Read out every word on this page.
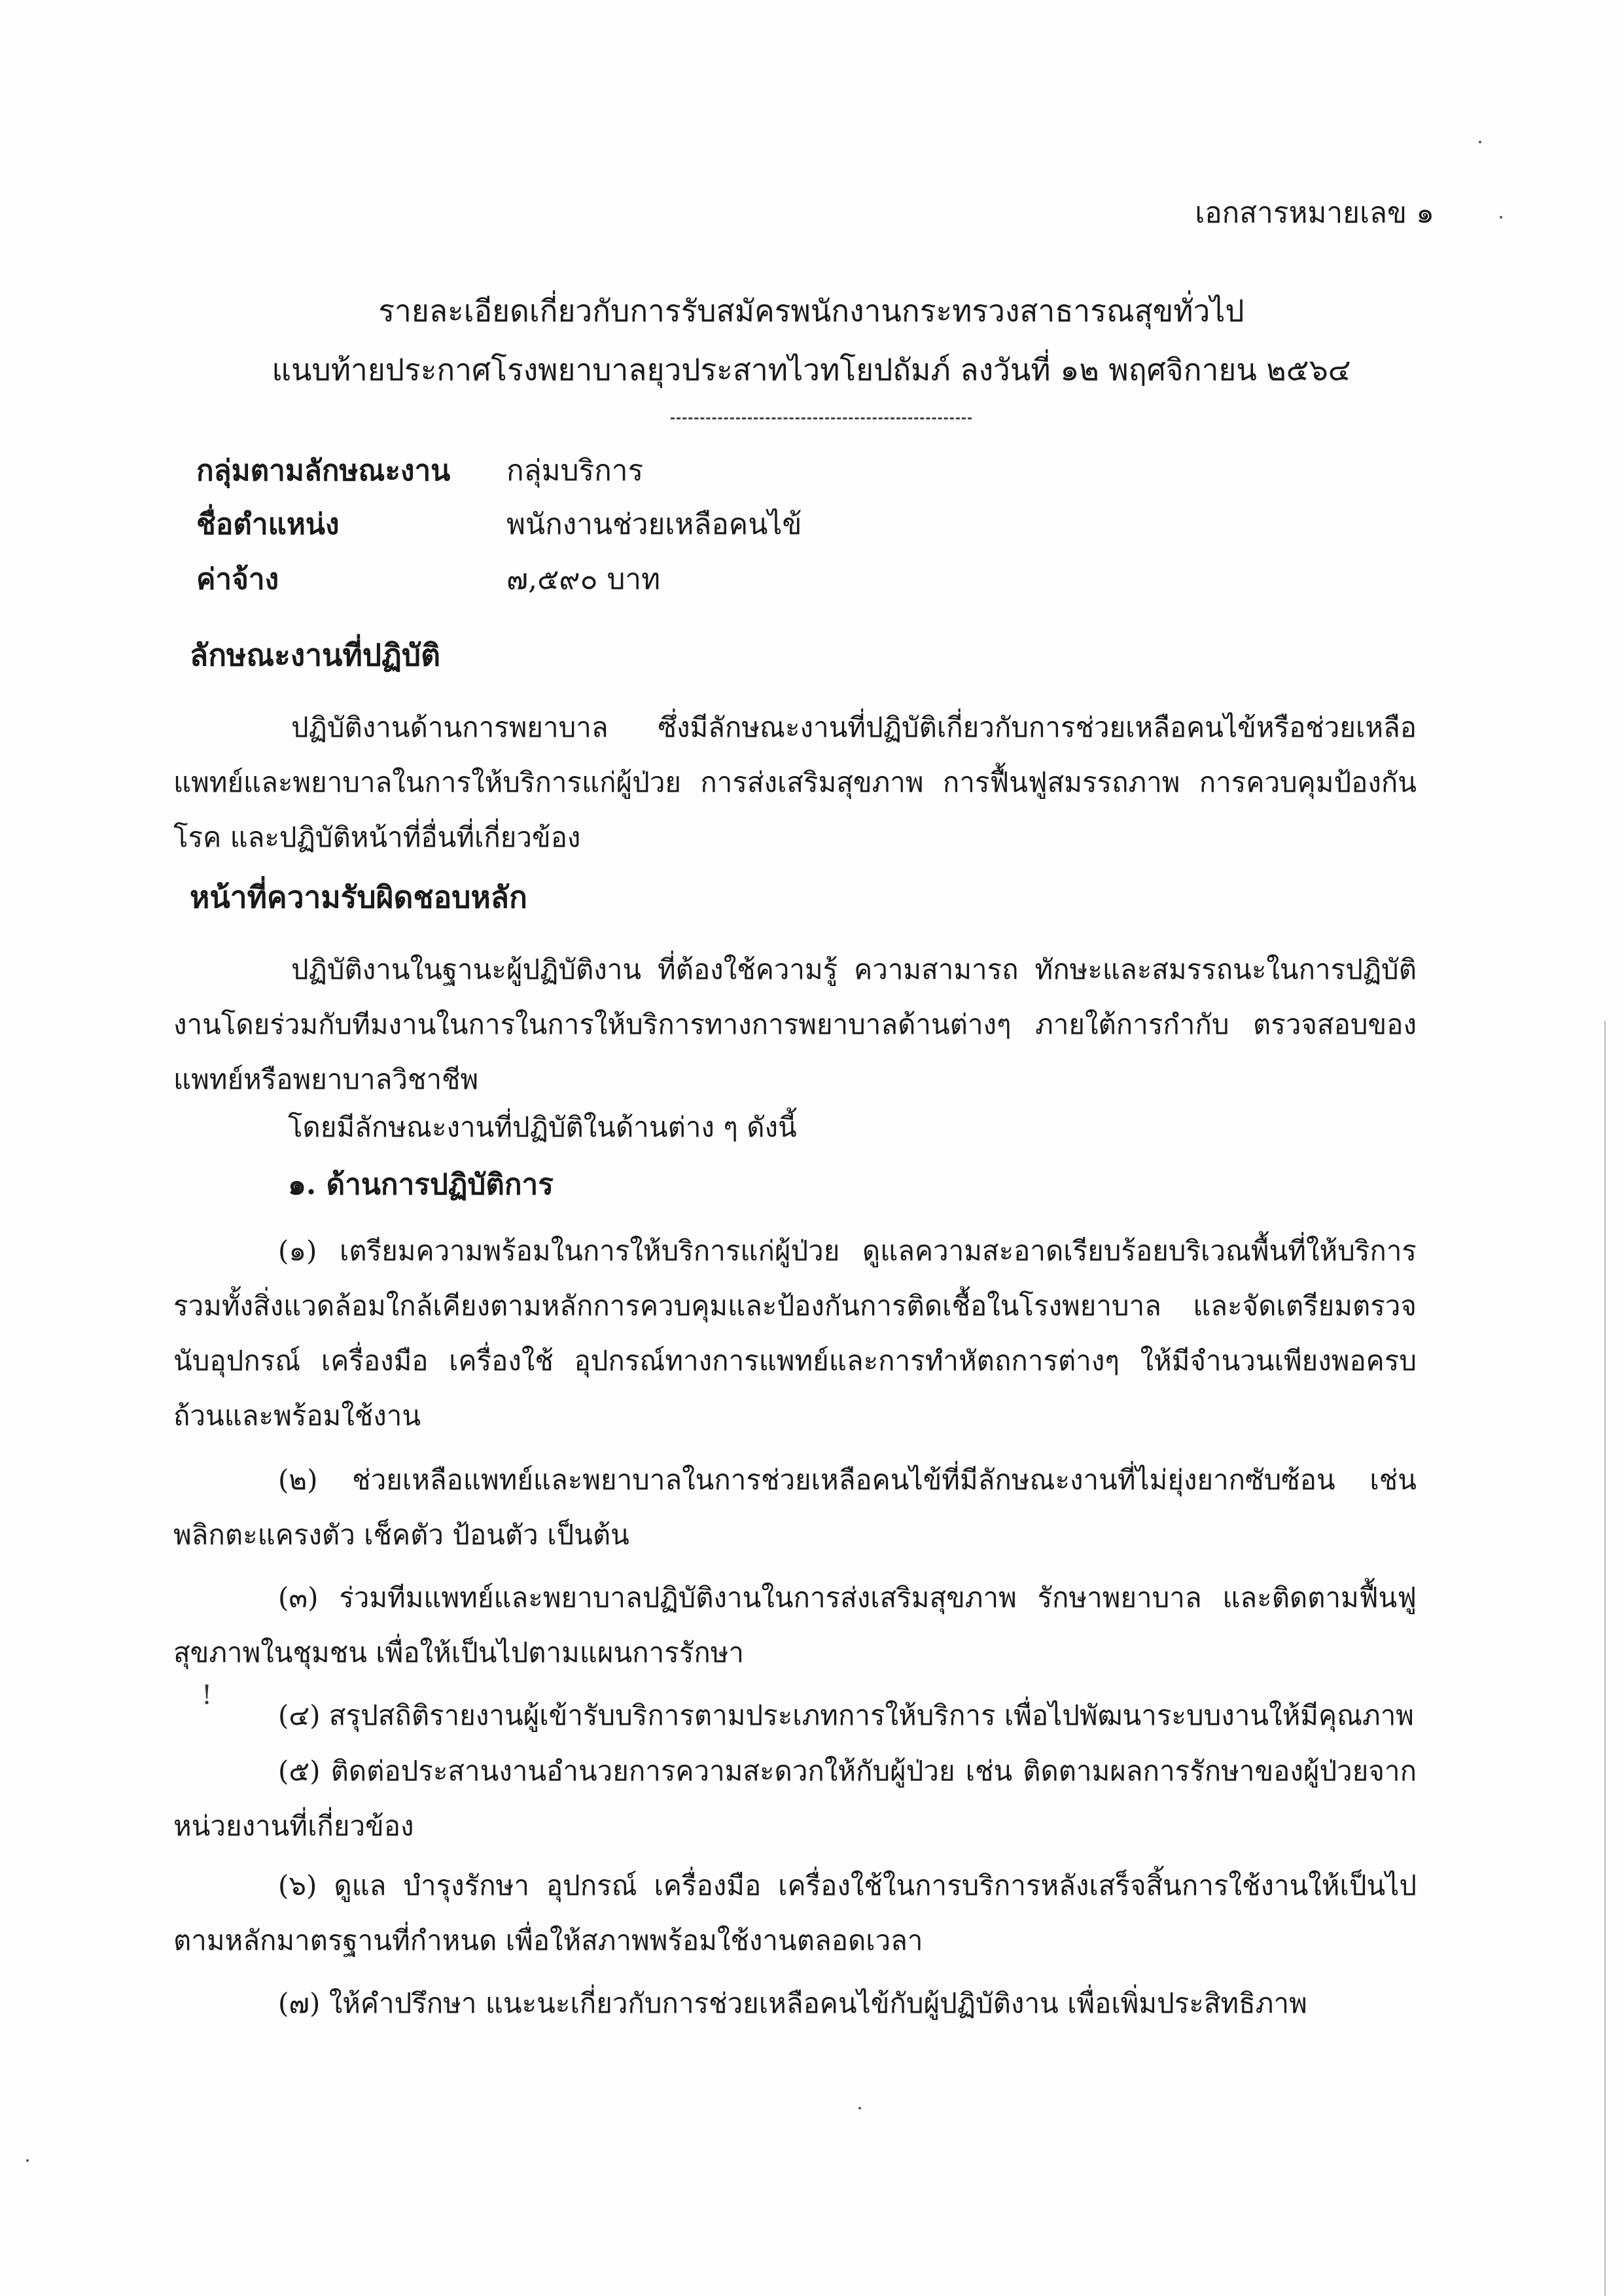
เอกสารหมายเลข ๑
รายละเอียดเกี่ยวกับการรับสมัครพนักงานกระทรวงสาธารณสุขทั่วไป
แนบท้ายประกาศโรงพยาบาลยุวประสาทไวทโยปถัมภ์ ลงวันที่ ๑๒ พฤศจิกายน ๒๕๖๔
กลุ่มตามลักษณะงาน กลุ่มบริการ
ชื่อตำแหน่ง	พนักงานช่วยเหลือคนไข้
ค่าจ้าง	๗,๕๙๐ บาท
ลักษณะงานที่ปฏิบัติ

ปฏิบัติงานด้านการพยาบาล ซึ่งมีลักษณะงานที่ปฏิบัติเกี่ยวกับการช่วยเหลือคนไข้หรือช่วยเหลือแพทย์และพยาบาลในการให้บริการแก่ผู้ป่วย การส่งเสริมสุขภาพ การฟื้นฟูสมรรถภาพ การควบคุมป้องกันโรค และปฏิบัติหน้าที่อื่นที่เกี่ยวข้อง

หน้าที่ความรับผิดชอบหลัก

ปฏิบัติงานในฐานะผู้ปฏิบัติงาน ที่ต้องใช้ความรู้ ความสามารถ ทักษะและสมรรถนะในการปฏิบัติงานโดยร่วมกับทีมงานในการในการให้บริการทางการพยาบาลด้านต่างๆ ภายใต้การกำกับ ตรวจสอบของแพทย์หรือพยาบาลวิชาชีพ

โดยมีลักษณะงานที่ปฏิบัติในด้านต่าง ๆ ดังนี้
๑. ด้านการปฏิบัติการ

(๑) เตรียมความพร้อมในการให้บริการแก่ผู้ป่วย ดูแลความสะอาดเรียบร้อยบริเวณพื้นที่ให้บริการรวมทั้งสิ่งแวดล้อมใกล้เคียงตามหลักการควบคุมและป้องกันการติดเชื้อในโรงพยาบาล และจัดเตรียมตรวจนับอุปกรณ์ เครื่องมือ เครื่องใช้ อุปกรณ์ทางการแพทย์และการทำหัตถการต่างๆ ให้มีจำนวนเพียงพอครบถ้วนและพร้อมใช้งาน

(๒) ช่วยเหลือแพทย์และพยาบาลในการช่วยเหลือคนไข้ที่มีลักษณะงานที่ไม่ยุ่งยากซับซ้อน เช่น พลิกตะแครงตัว เช็คตัว ป้อนตัว เป็นต้น

(๓) ร่วมทีมแพทย์และพยาบาลปฏิบัติงานในการส่งเสริมสุขภาพ รักษาพยาบาล และติดตามฟื้นฟูสุขภาพในชุมชน เพื่อให้เป็นไปตามแผนการรักษา

(๔) สรุปสถิติรายงานผู้เข้ารับบริการตามประเภทการให้บริการ เพื่อไปพัฒนาระบบงานให้มีคุณภาพ

(๕) ติดต่อประสานงานอำนวยการความสะดวกให้กับผู้ป่วย เช่น ติดตามผลการรักษาของผู้ป่วยจากหน่วยงานที่เกี่ยวข้อง

(๖) ดูแล บำรุงรักษา อุปกรณ์ เครื่องมือ เครื่องใช้ในการบริการหลังเสร็จสิ้นการใช้งานให้เป็นไปตามหลักมาตรฐานที่กำหนด เพื่อให้สภาพพร้อมใช้งานตลอดเวลา

(๗) ให้คำปรึกษา แนะนะเกี่ยวกับการช่วยเหลือคนไข้กับผู้ปฏิบัติงาน เพื่อเพิ่มประสิทธิภาพ

!
